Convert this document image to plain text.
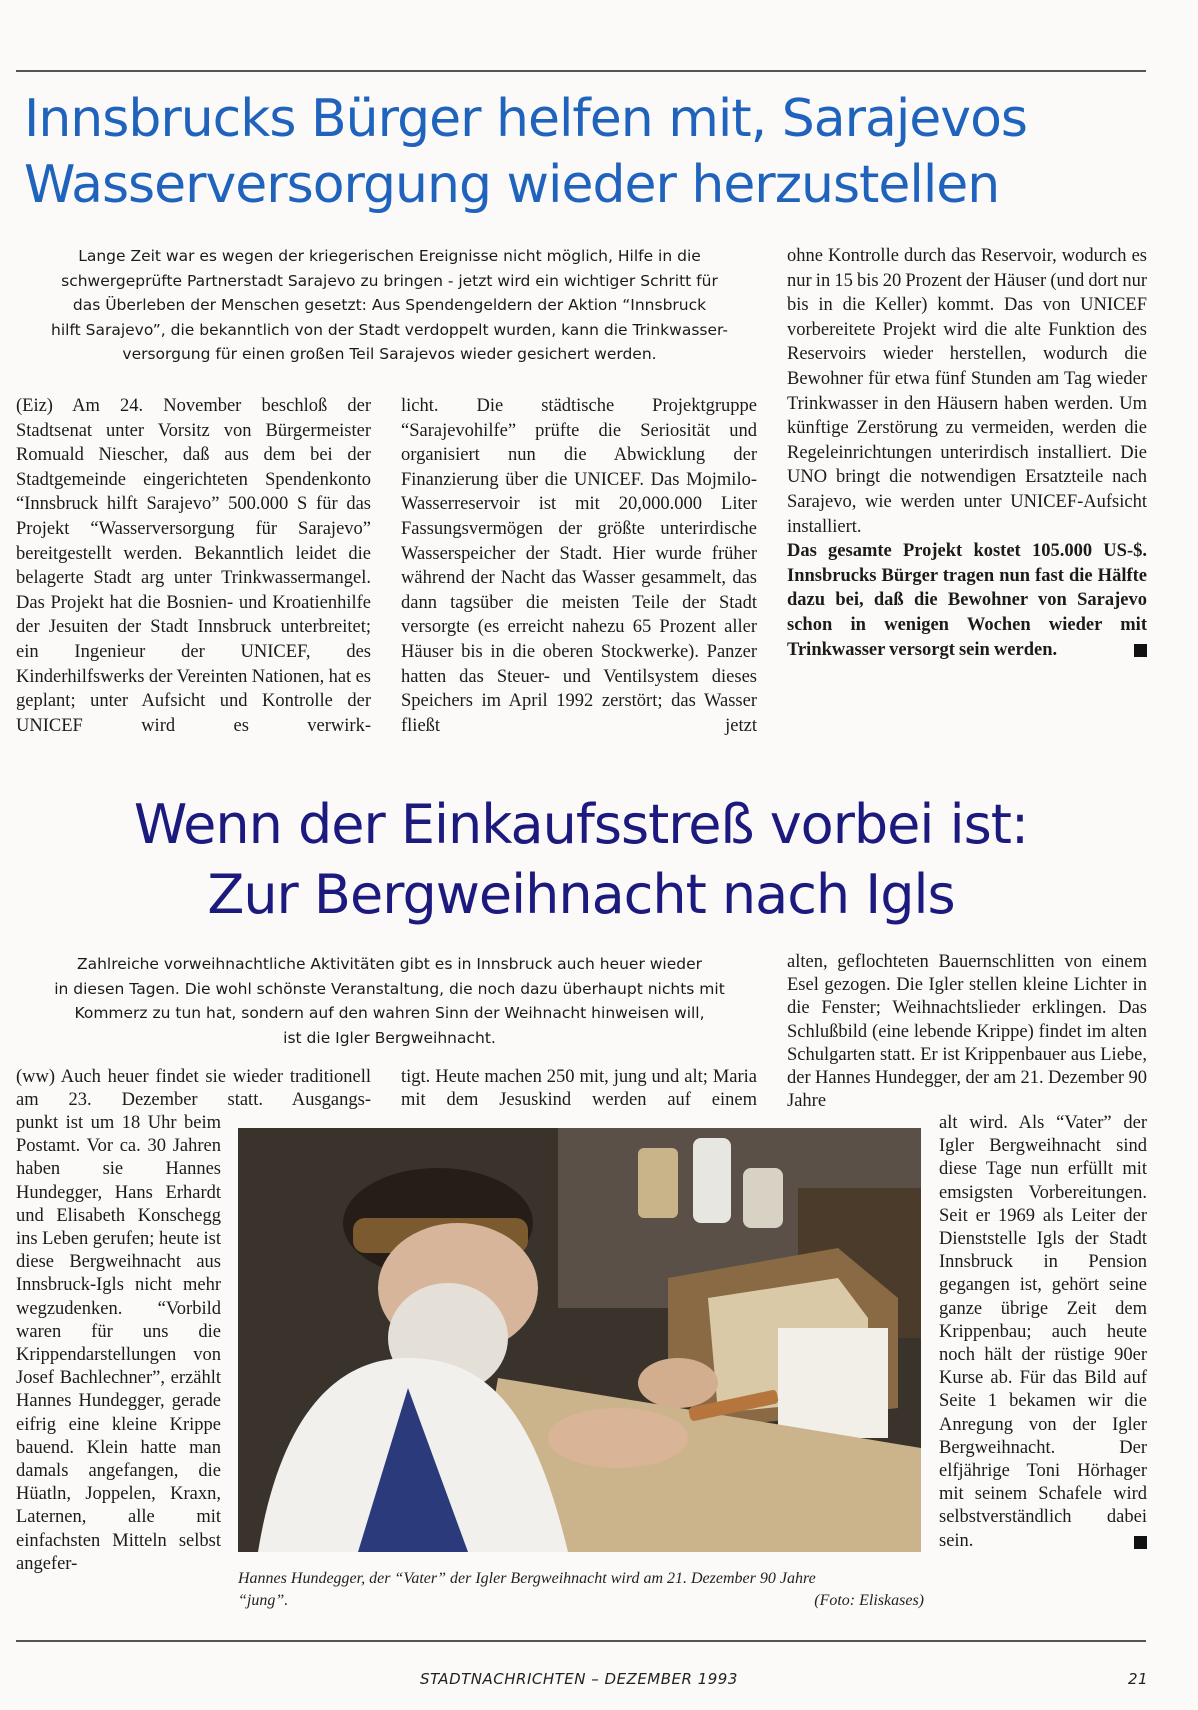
Innsbrucks Bürger helfen mit, Sarajevos
Wasserversorgung wieder herzustellen
Lange Zeit war es wegen der kriegerischen Ereignisse nicht möglich, Hilfe in die
schwergeprüfte Partnerstadt Sarajevo zu bringen - jetzt wird ein wichtiger Schritt für
das Überleben der Menschen gesetzt: Aus Spendengeldern der Aktion “Innsbruck
hilft Sarajevo”, die bekanntlich von der Stadt verdoppelt wurden, kann die Trinkwasser-
versorgung für einen großen Teil Sarajevos wieder gesichert werden.

(Eiz) Am 24. November beschloß der Stadtsenat unter Vorsitz von Bürgermeister Romuald Niescher, daß aus dem bei der Stadtgemeinde eingerichteten Spendenkonto “Innsbruck hilft Sarajevo” 500.000 S für das Projekt “Wasserversorgung für Sarajevo” bereitgestellt werden. Bekanntlich leidet die belagerte Stadt arg unter Trinkwassermangel. Das Projekt hat die Bosnien- und Kroatienhilfe der Jesuiten der Stadt Innsbruck unterbreitet; ein Ingenieur der UNICEF, des Kinderhilfswerks der Vereinten Nationen, hat es geplant; unter Aufsicht und Kontrolle der UNICEF wird es verwirk-

licht. Die städtische Projektgruppe “Sarajevohilfe” prüfte die Seriosität und organisiert nun die Abwicklung der Finanzierung über die UNICEF. Das Mojmilo-Wasserreservoir ist mit 20,000.000 Liter Fassungsvermögen der größte unterirdische Wasserspeicher der Stadt. Hier wurde früher während der Nacht das Wasser gesammelt, das dann tagsüber die meisten Teile der Stadt versorgte (es erreicht nahezu 65 Prozent aller Häuser bis in die oberen Stockwerke). Panzer hatten das Steuer- und Ventilsystem dieses Speichers im April 1992 zerstört; das Wasser fließt jetzt

ohne Kontrolle durch das Reservoir, wodurch es nur in 15 bis 20 Prozent der Häuser (und dort nur bis in die Keller) kommt. Das von UNICEF vorbereitete Projekt wird die alte Funktion des Reservoirs wieder herstellen, wodurch die Bewohner für etwa fünf Stunden am Tag wieder Trinkwasser in den Häusern haben werden. Um künftige Zerstörung zu vermeiden, werden die Regeleinrichtungen unterirdisch installiert. Die UNO bringt die notwendigen Ersatzteile nach Sarajevo, wie werden unter UNICEF-Aufsicht installiert.

Das gesamte Projekt kostet 105.000 US-$. Innsbrucks Bürger tragen nun fast die Hälfte dazu bei, daß die Bewohner von Sarajevo schon in wenigen Wochen wieder mit Trinkwasser versorgt sein werden.

Wenn der Einkaufsstreß vorbei ist:
Zur Bergweihnacht nach Igls
Zahlreiche vorweihnachtliche Aktivitäten gibt es in Innsbruck auch heuer wieder
in diesen Tagen. Die wohl schönste Veranstaltung, die noch dazu überhaupt nichts mit
Kommerz zu tun hat, sondern auf den wahren Sinn der Weihnacht hinweisen will,
ist die Igler Bergweihnacht.

(ww) Auch heuer findet sie wieder traditionell am 23. Dezember statt. Ausgangs-

punkt ist um 18 Uhr beim Postamt. Vor ca. 30 Jahren haben sie Hannes Hundegger, Hans Erhardt und Elisabeth Konschegg ins Leben gerufen; heute ist diese Bergweihnacht aus Innsbruck-Igls nicht mehr wegzudenken. “Vorbild waren für uns die Krippendarstellungen von Josef Bachlechner”, erzählt Hannes Hundegger, gerade eifrig eine kleine Krippe bauend. Klein hatte man damals angefangen, die Hüatln, Joppelen, Kraxn, Laternen, alle mit einfachsten Mitteln selbst angefer-

tigt. Heute machen 250 mit, jung und alt; Maria mit dem Jesuskind werden auf einem

alten, geflochteten Bauernschlitten von einem Esel gezogen. Die Igler stellen kleine Lichter in die Fenster; Weihnachtslieder erklingen. Das Schlußbild (eine lebende Krippe) findet im alten Schulgarten statt. Er ist Krippenbauer aus Liebe, der Hannes Hundegger, der am 21. Dezember 90 Jahre

alt wird. Als “Vater” der Igler Bergweihnacht sind diese Tage nun erfüllt mit emsigsten Vorbereitungen. Seit er 1969 als Leiter der Dienststelle Igls der Stadt Innsbruck in Pension gegangen ist, gehört seine ganze übrige Zeit dem Krippenbau; auch heute noch hält der rüstige 90er Kurse ab. Für das Bild auf Seite 1 bekamen wir die Anregung von der Igler Bergweihnacht. Der elfjährige Toni Hörhager mit seinem Schafele wird selbstverständlich dabei sein.

Hannes Hundegger, der “Vater” der Igler Bergweihnacht wird am 21. Dezember 90 Jahre
“jung”.	(Foto: Eliskases)
STADTNACHRICHTEN – DEZEMBER 1993	21
